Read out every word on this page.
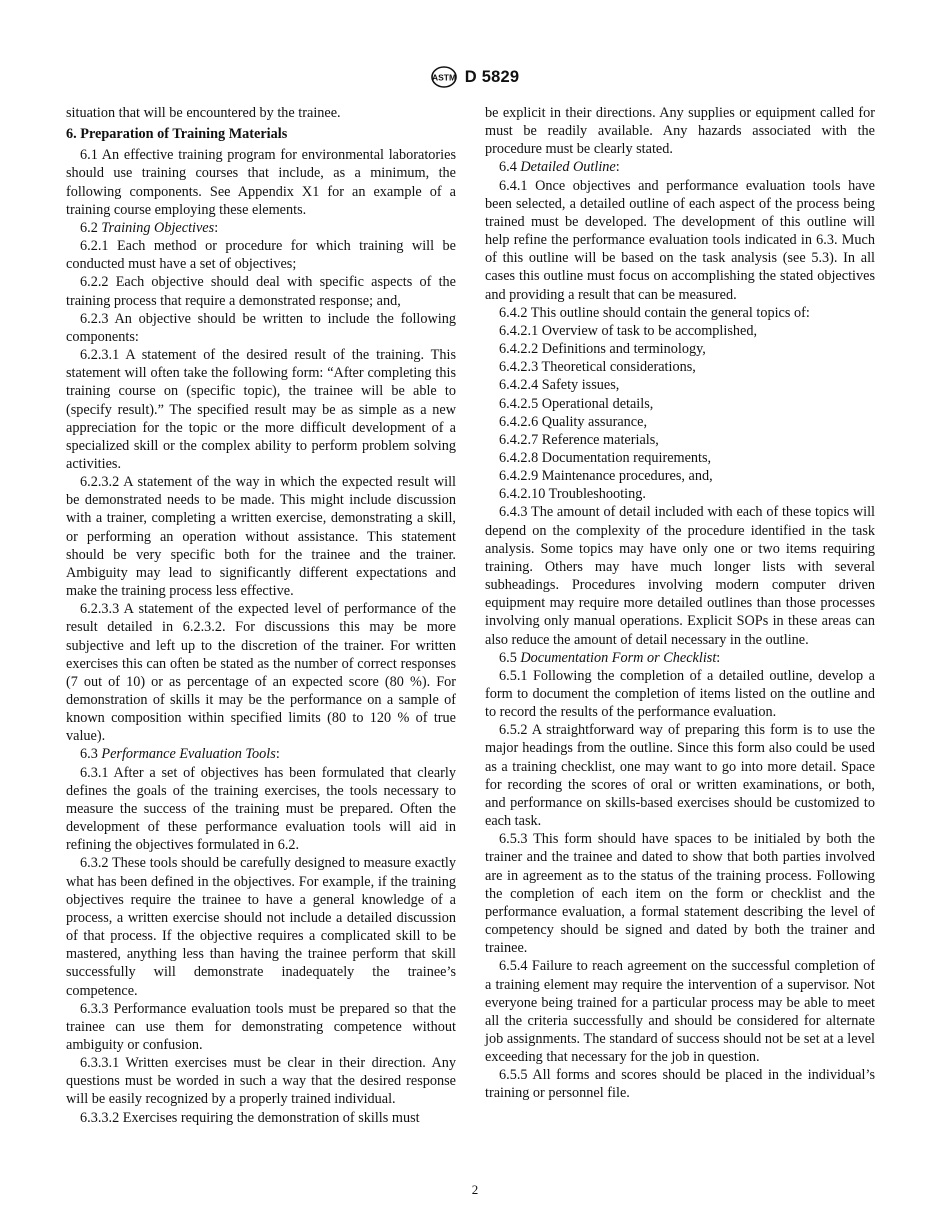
ASTM D 5829

situation that will be encountered by the trainee.

6. Preparation of Training Materials

6.1 An effective training program for environmental laboratories should use training courses that include, as a minimum, the following components. See Appendix X1 for an example of a training course employing these elements.

6.2 Training Objectives:

6.2.1 Each method or procedure for which training will be conducted must have a set of objectives;

6.2.2 Each objective should deal with specific aspects of the training process that require a demonstrated response; and,

6.2.3 An objective should be written to include the following components:

6.2.3.1 A statement of the desired result of the training. This statement will often take the following form: “After completing this training course on (specific topic), the trainee will be able to (specify result).” The specified result may be as simple as a new appreciation for the topic or the more difficult development of a specialized skill or the complex ability to perform problem solving activities.

6.2.3.2 A statement of the way in which the expected result will be demonstrated needs to be made. This might include discussion with a trainer, completing a written exercise, demonstrating a skill, or performing an operation without assistance. This statement should be very specific both for the trainee and the trainer. Ambiguity may lead to significantly different expectations and make the training process less effective.

6.2.3.3 A statement of the expected level of performance of the result detailed in 6.2.3.2. For discussions this may be more subjective and left up to the discretion of the trainer. For written exercises this can often be stated as the number of correct responses (7 out of 10) or as percentage of an expected score (80 %). For demonstration of skills it may be the performance on a sample of known composition within specified limits (80 to 120 % of true value).

6.3 Performance Evaluation Tools:

6.3.1 After a set of objectives has been formulated that clearly defines the goals of the training exercises, the tools necessary to measure the success of the training must be prepared. Often the development of these performance evaluation tools will aid in refining the objectives formulated in 6.2.

6.3.2 These tools should be carefully designed to measure exactly what has been defined in the objectives. For example, if the training objectives require the trainee to have a general knowledge of a process, a written exercise should not include a detailed discussion of that process. If the objective requires a complicated skill to be mastered, anything less than having the trainee perform that skill successfully will demonstrate inadequately the trainee’s competence.

6.3.3 Performance evaluation tools must be prepared so that the trainee can use them for demonstrating competence without ambiguity or confusion.

6.3.3.1 Written exercises must be clear in their direction. Any questions must be worded in such a way that the desired response will be easily recognized by a properly trained individual.

6.3.3.2 Exercises requiring the demonstration of skills must

be explicit in their directions. Any supplies or equipment called for must be readily available. Any hazards associated with the procedure must be clearly stated.

6.4 Detailed Outline:

6.4.1 Once objectives and performance evaluation tools have been selected, a detailed outline of each aspect of the process being trained must be developed. The development of this outline will help refine the performance evaluation tools indicated in 6.3. Much of this outline will be based on the task analysis (see 5.3). In all cases this outline must focus on accomplishing the stated objectives and providing a result that can be measured.

6.4.2 This outline should contain the general topics of:

6.4.2.1 Overview of task to be accomplished,

6.4.2.2 Definitions and terminology,

6.4.2.3 Theoretical considerations,

6.4.2.4 Safety issues,

6.4.2.5 Operational details,

6.4.2.6 Quality assurance,

6.4.2.7 Reference materials,

6.4.2.8 Documentation requirements,

6.4.2.9 Maintenance procedures, and,

6.4.2.10 Troubleshooting.

6.4.3 The amount of detail included with each of these topics will depend on the complexity of the procedure identified in the task analysis. Some topics may have only one or two items requiring training. Others may have much longer lists with several subheadings. Procedures involving modern computer driven equipment may require more detailed outlines than those processes involving only manual operations. Explicit SOPs in these areas can also reduce the amount of detail necessary in the outline.

6.5 Documentation Form or Checklist:

6.5.1 Following the completion of a detailed outline, develop a form to document the completion of items listed on the outline and to record the results of the performance evaluation.

6.5.2 A straightforward way of preparing this form is to use the major headings from the outline. Since this form also could be used as a training checklist, one may want to go into more detail. Space for recording the scores of oral or written examinations, or both, and performance on skills-based exercises should be customized to each task.

6.5.3 This form should have spaces to be initialed by both the trainer and the trainee and dated to show that both parties involved are in agreement as to the status of the training process. Following the completion of each item on the form or checklist and the performance evaluation, a formal statement describing the level of competency should be signed and dated by both the trainer and trainee.

6.5.4 Failure to reach agreement on the successful completion of a training element may require the intervention of a supervisor. Not everyone being trained for a particular process may be able to meet all the criteria successfully and should be considered for alternate job assignments. The standard of success should not be set at a level exceeding that necessary for the job in question.

6.5.5 All forms and scores should be placed in the individual’s training or personnel file.

2
